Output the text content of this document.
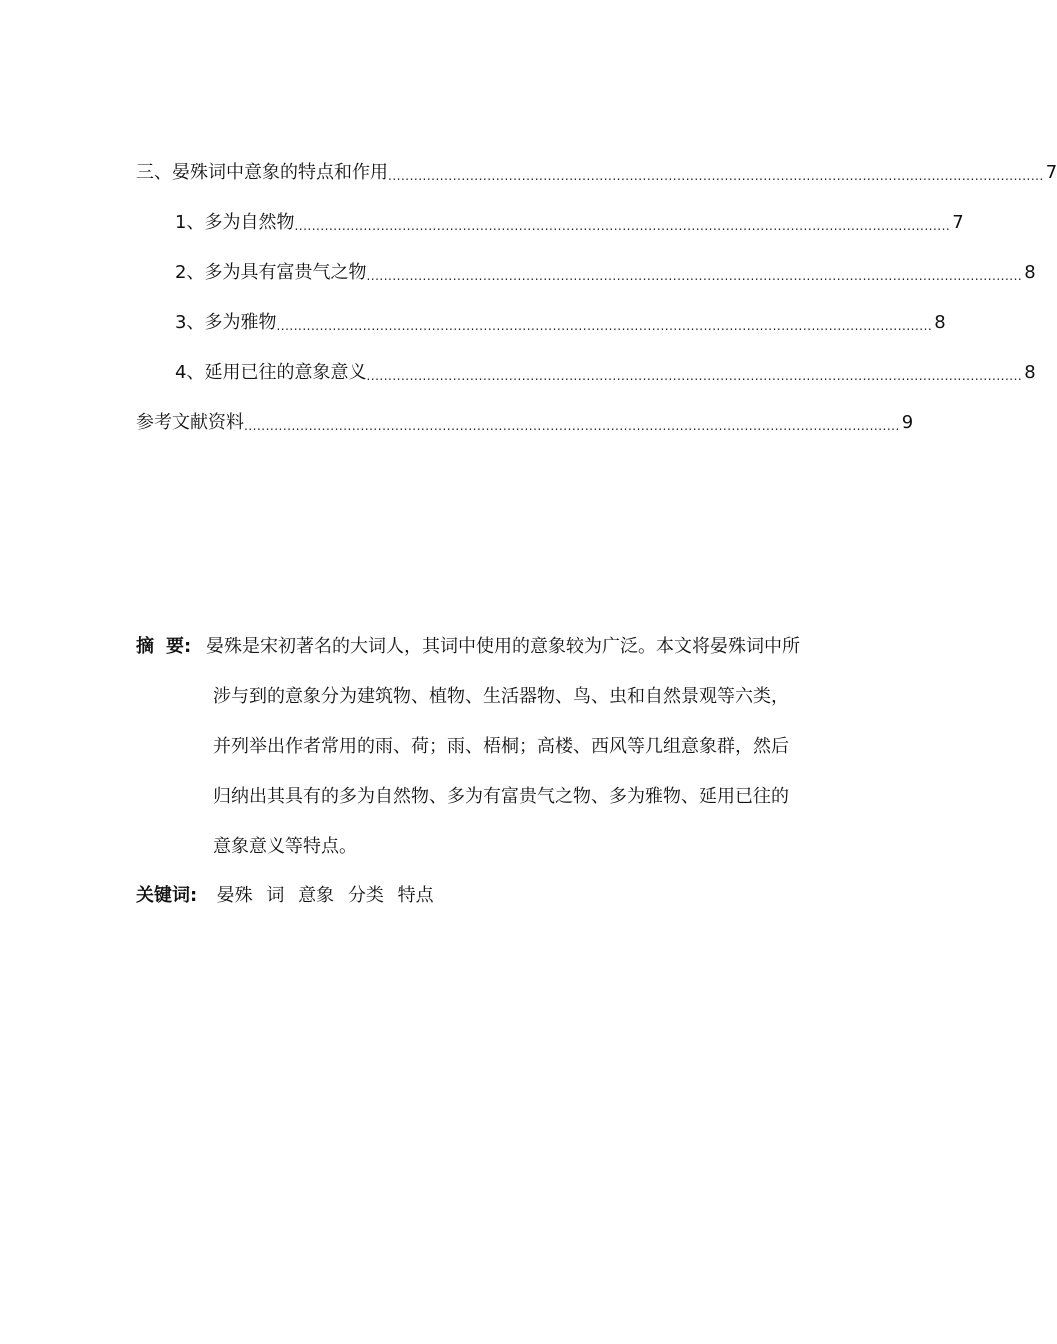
三、晏殊词中意象的特点和作用 ........................................................................................................................................................ 7
1、多为自然物 ........................................................................................................................................................ 7
2、多为具有富贵气之物 ........................................................................................................................................................ 8
3、多为雅物 ........................................................................................................................................................ 8
4、延用已往的意象意义 ........................................................................................................................................................ 8
参考文献资料 ........................................................................................................................................................ 9
摘 要: 晏殊是宋初著名的大词人，其词中使用的意象较为广泛。本文将晏殊词中所
涉与到的意象分为建筑物、植物、生活器物、鸟、虫和自然景观等六类，
并列举出作者常用的雨、荷；雨、梧桐；高楼、西风等几组意象群，然后
归纳出其具有的多为自然物、多为有富贵气之物、多为雅物、延用已往的
意象意义等特点。
关键词: 晏殊 词 意象 分类 特点
